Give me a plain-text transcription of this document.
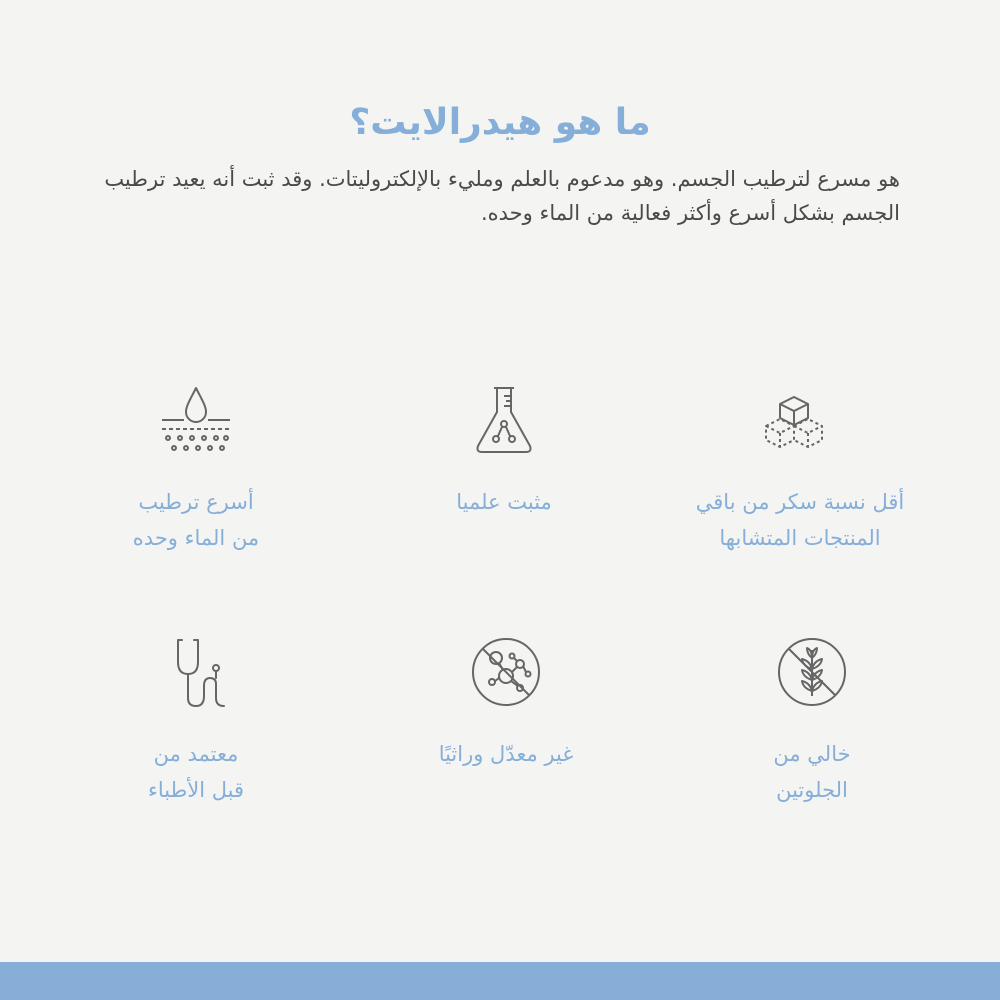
ما هو هيدرالايت؟
هو مسرع لترطيب الجسم. وهو مدعوم بالعلم ومليء بالإلكتروليتات. وقد ثبت أنه يعيد ترطيب الجسم بشكل أسرع وأكثر فعالية من الماء وحده.
أقل نسبة سكر من باقي
المنتجات المتشابها
مثبت علميا
أسرع ترطيب
من الماء وحده
خالي من
الجلوتين
غير معدّل وراثيًا
معتمد من
قبل الأطباء
